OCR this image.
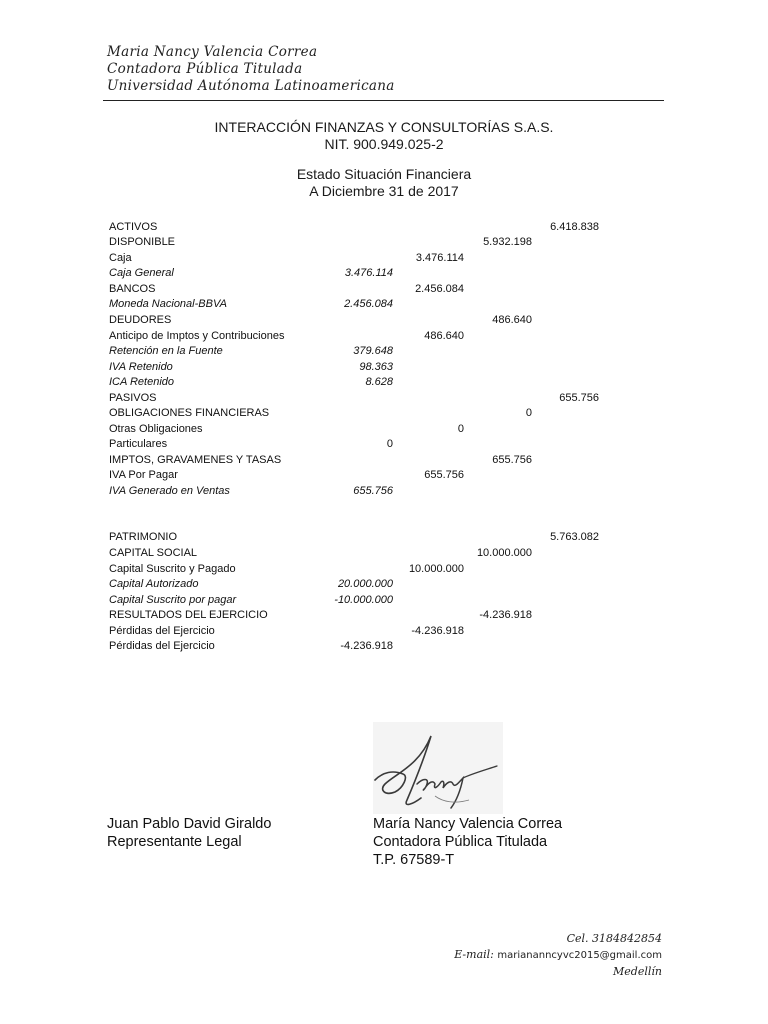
Maria Nancy Valencia Correa
Contadora Pública Titulada
Universidad Autónoma Latinoamericana
INTERACCIÓN FINANZAS Y CONSULTORÍAS S.A.S.
NIT. 900.949.025-2
Estado Situación Financiera
A Diciembre 31 de 2017
ACTIVOS	6.418.838
DISPONIBLE	5.932.198
Caja	3.476.114
Caja General	3.476.114
BANCOS	2.456.084
Moneda Nacional-BBVA	2.456.084
DEUDORES	486.640
Anticipo de Imptos y Contribuciones	486.640
Retención en la Fuente	379.648
IVA Retenido	98.363
ICA Retenido	8.628
PASIVOS	655.756
OBLIGACIONES FINANCIERAS	0
Otras Obligaciones	0
Particulares	0
IMPTOS, GRAVAMENES Y TASAS	655.756
IVA Por Pagar	655.756
IVA Generado en Ventas	655.756
PATRIMONIO	5.763.082
CAPITAL SOCIAL	10.000.000
Capital Suscrito y Pagado	10.000.000
Capital Autorizado	20.000.000
Capital Suscrito por pagar	-10.000.000
RESULTADOS DEL EJERCICIO	-4.236.918
Pérdidas del Ejercicio	-4.236.918
Pérdidas del Ejercicio	-4.236.918
Juan Pablo David Giraldo
Representante Legal
María Nancy Valencia Correa
Contadora Pública Titulada
T.P. 67589-T
Cel. 3184842854
E-mail: mariananncyvc2015@gmail.com
Medellín
